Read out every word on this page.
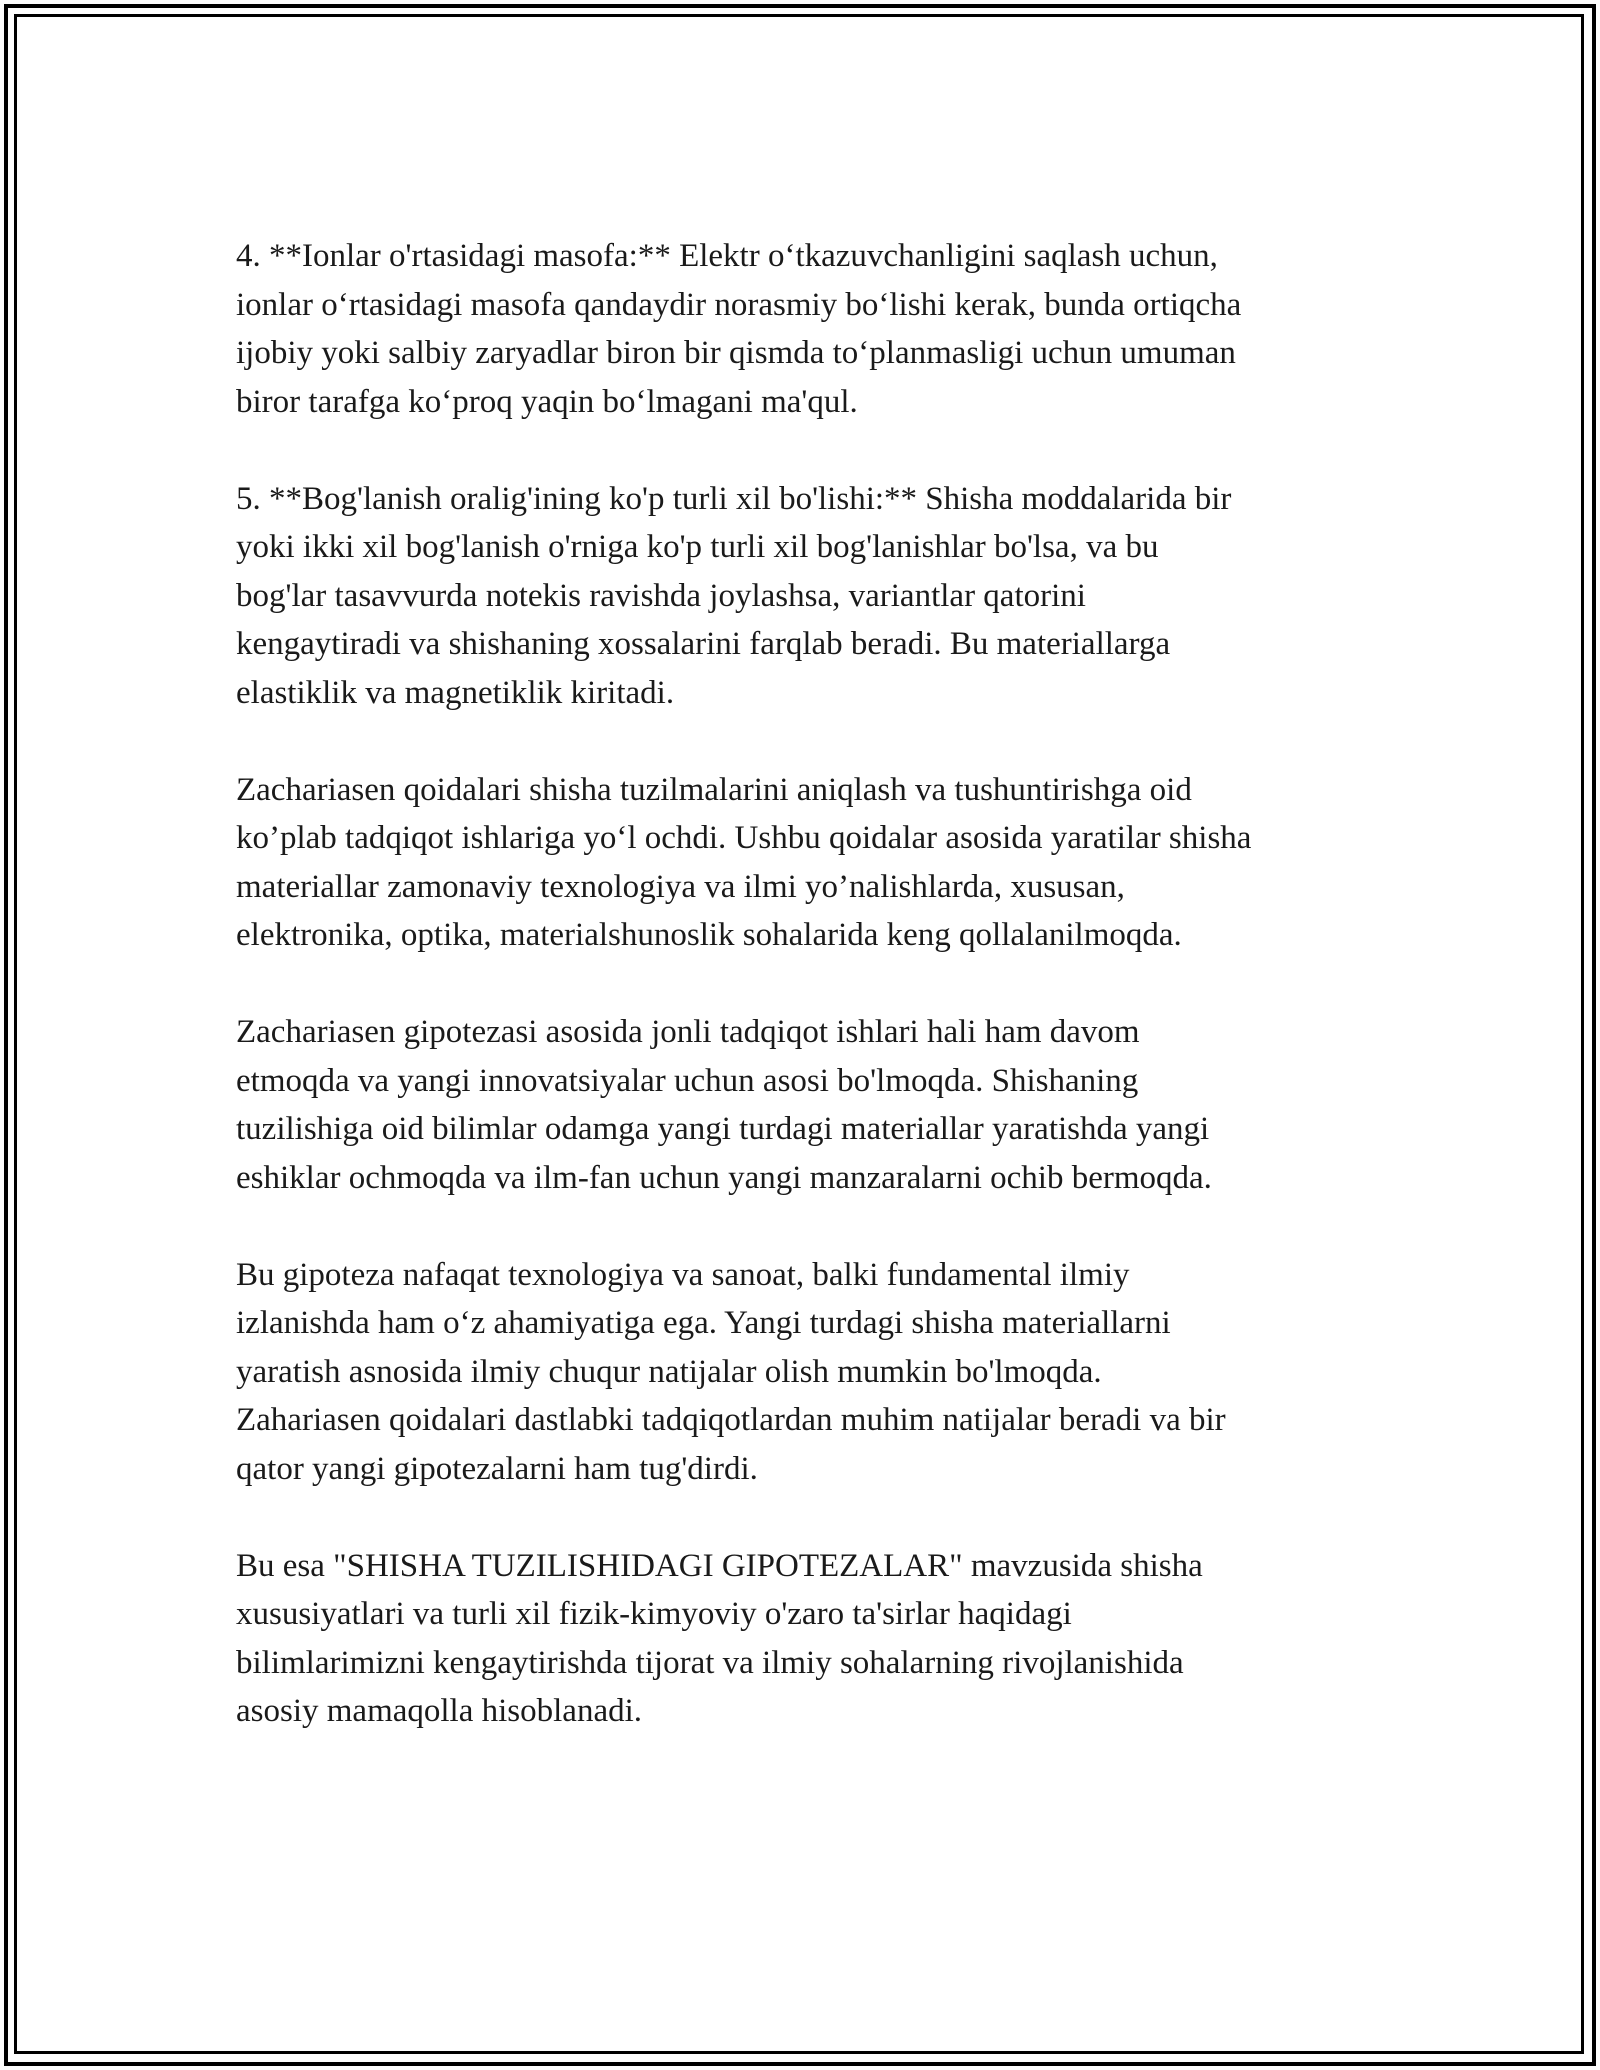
4. **Ionlar o'rtasidagi masofa:** Elektr o‘tkazuvchanligini saqlash uchun,
ionlar o‘rtasidagi masofa qandaydir norasmiy bo‘lishi kerak, bunda ortiqcha
ijobiy yoki salbiy zaryadlar biron bir qismda to‘planmasligi uchun umuman
biror tarafga ko‘proq yaqin bo‘lmagani ma'qul.

5. **Bog'lanish oralig'ining ko'p turli xil bo'lishi:** Shisha moddalarida bir
yoki ikki xil bog'lanish o'rniga ko'p turli xil bog'lanishlar bo'lsa, va bu
bog'lar tasavvurda notekis ravishda joylashsa, variantlar qatorini
kengaytiradi va shishaning xossalarini farqlab beradi. Bu materiallarga
elastiklik va magnetiklik kiritadi.

Zachariasen qoidalari shisha tuzilmalarini aniqlash va tushuntirishga oid
ko’plab tadqiqot ishlariga yo‘l ochdi. Ushbu qoidalar asosida yaratilar shisha
materiallar zamonaviy texnologiya va ilmi yo’nalishlarda, xususan,
elektronika, optika, materialshunoslik sohalarida keng qollalanilmoqda.

Zachariasen gipotezasi asosida jonli tadqiqot ishlari hali ham davom
etmoqda va yangi innovatsiyalar uchun asosi bo'lmoqda. Shishaning
tuzilishiga oid bilimlar odamga yangi turdagi materiallar yaratishda yangi
eshiklar ochmoqda va ilm-fan uchun yangi manzaralarni ochib bermoqda.

Bu gipoteza nafaqat texnologiya va sanoat, balki fundamental ilmiy
izlanishda ham o‘z ahamiyatiga ega. Yangi turdagi shisha materiallarni
yaratish asnosida ilmiy chuqur natijalar olish mumkin bo'lmoqda.
Zahariasen qoidalari dastlabki tadqiqotlardan muhim natijalar beradi va bir
qator yangi gipotezalarni ham tug'dirdi.

Bu esa "SHISHA TUZILISHIDAGI GIPOTEZALAR" mavzusida shisha
xususiyatlari va turli xil fizik-kimyoviy o'zaro ta'sirlar haqidagi
bilimlarimizni kengaytirishda tijorat va ilmiy sohalarning rivojlanishida
asosiy mamaqolla hisoblanadi.
